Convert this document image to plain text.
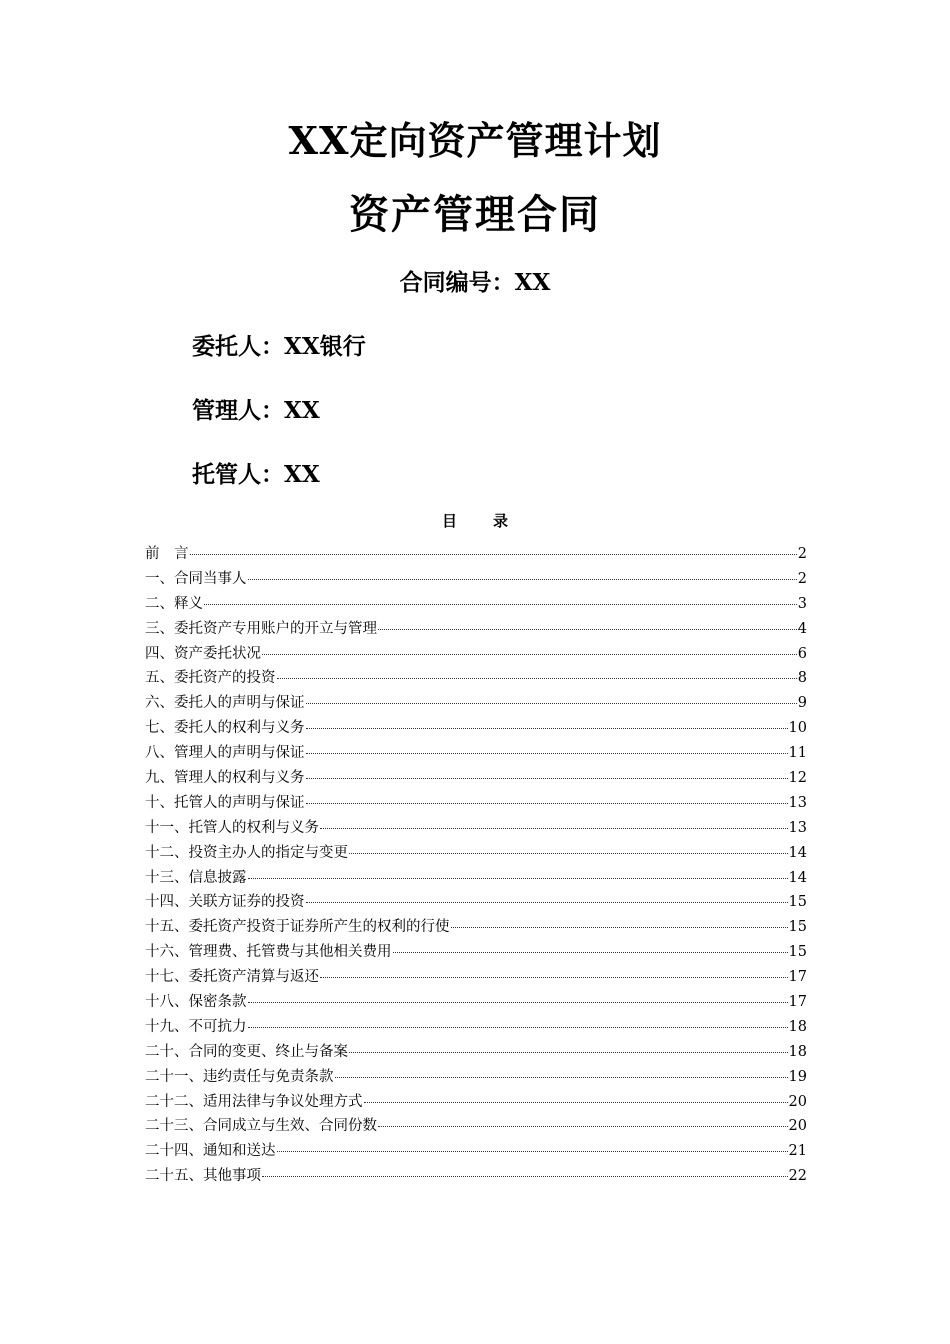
XX定向资产管理计划
资产管理合同
合同编号：XX
委托人：XX银行
管理人：XX
托管人：XX
目录
前　言	2
一、合同当事人	2
二、释义	3
三、委托资产专用账户的开立与管理	4
四、资产委托状况	6
五、委托资产的投资	8
六、委托人的声明与保证	9
七、委托人的权利与义务	10
八、管理人的声明与保证	11
九、管理人的权利与义务	12
十、托管人的声明与保证	13
十一、托管人的权利与义务	13
十二、投资主办人的指定与变更	14
十三、信息披露	14
十四、关联方证券的投资	15
十五、委托资产投资于证券所产生的权利的行使	15
十六、管理费、托管费与其他相关费用	15
十七、委托资产清算与返还	17
十八、保密条款	17
十九、不可抗力	18
二十、合同的变更、终止与备案	18
二十一、违约责任与免责条款	19
二十二、适用法律与争议处理方式	20
二十三、合同成立与生效、合同份数	20
二十四、通知和送达	21
二十五、其他事项	22
